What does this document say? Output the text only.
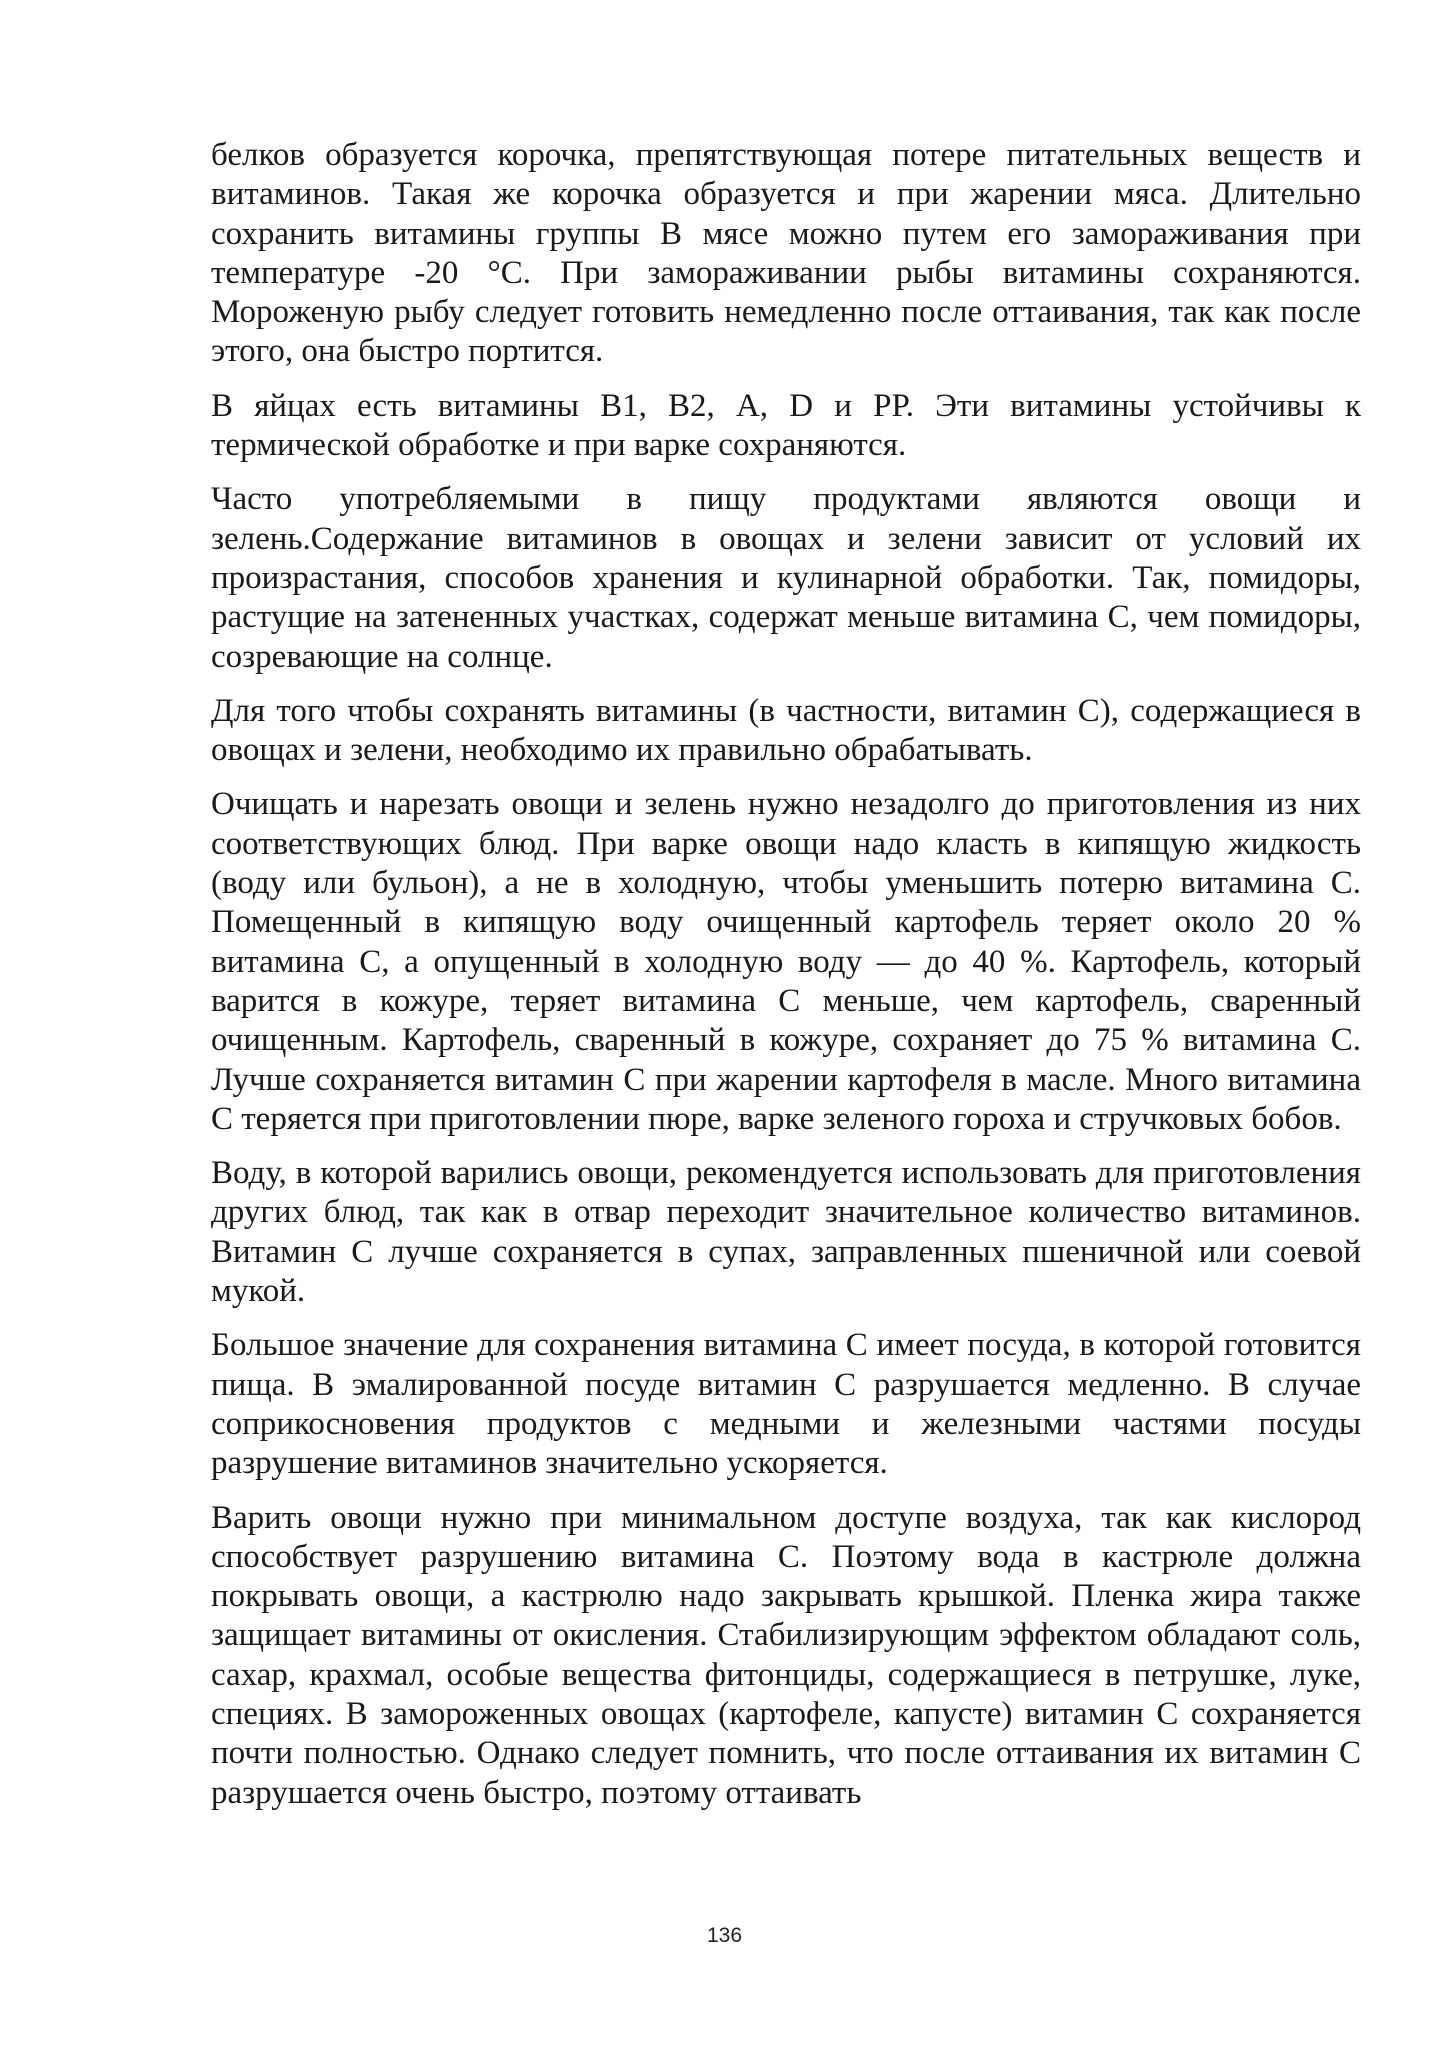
белков образуется корочка, препятствующая потере питательных веществ и витаминов. Такая же корочка образуется и при жарении мяса. Длительно сохранить витамины группы В мясе можно путем его замораживания при температуре -20 °С. При замораживании рыбы витамины сохраняются. Мороженую рыбу следует готовить немедленно после оттаивания, так как после этого, она быстро портится.

В яйцах есть витамины В1, В2, А, D и РР. Эти витамины устойчивы к термической обработке и при варке сохраняются.

Часто употребляемыми в пищу продуктами являются овощи и зелень.Содержание витаминов в овощах и зелени зависит от условий их произрастания, способов хранения и кулинарной обработки. Так, помидоры, растущие на затененных участках, содержат меньше витамина С, чем помидоры, созревающие на солнце.

Для того чтобы сохранять витамины (в частности, витамин С), содержащиеся в овощах и зелени, необходимо их правильно обрабатывать.

Очищать и нарезать овощи и зелень нужно незадолго до приготовления из них соответствующих блюд. При варке овощи надо класть в кипящую жидкость (воду или бульон), а не в холодную, чтобы уменьшить потерю витамина С. Помещенный в кипящую воду очищенный картофель теряет около 20 % витамина С, а опущенный в холодную воду — до 40 %. Картофель, который варится в кожуре, теряет витамина С меньше, чем картофель, сваренный очищенным. Картофель, сваренный в кожуре, сохраняет до 75 % витамина С. Лучше сохраняется витамин С при жарении картофеля в масле. Много витамина С теряется при приготовлении пюре, варке зеленого гороха и стручковых бобов.

Воду, в которой варились овощи, рекомендуется использовать для приготовления других блюд, так как в отвар переходит значительное количество витаминов. Витамин С лучше сохраняется в супах, заправленных пшеничной или соевой мукой.

Большое значение для сохранения витамина С имеет посуда, в которой готовится пища. В эмалированной посуде витамин С разрушается медленно. В случае соприкосновения продуктов с медными и железными частями посуды разрушение витаминов значительно ускоряется.

Варить овощи нужно при минимальном доступе воздуха, так как кислород способствует разрушению витамина С. Поэтому вода в кастрюле должна покрывать овощи, а кастрюлю надо закрывать крышкой. Пленка жира также защищает витамины от окисления. Стабилизирующим эффектом обладают соль, сахар, крахмал, особые вещества фитонциды, содержащиеся в петрушке, луке, специях. В замороженных овощах (картофеле, капусте) витамин С сохраняется почти полностью. Однако следует помнить, что после оттаивания их витамин С разрушается очень быстро, поэтому оттаивать

136
